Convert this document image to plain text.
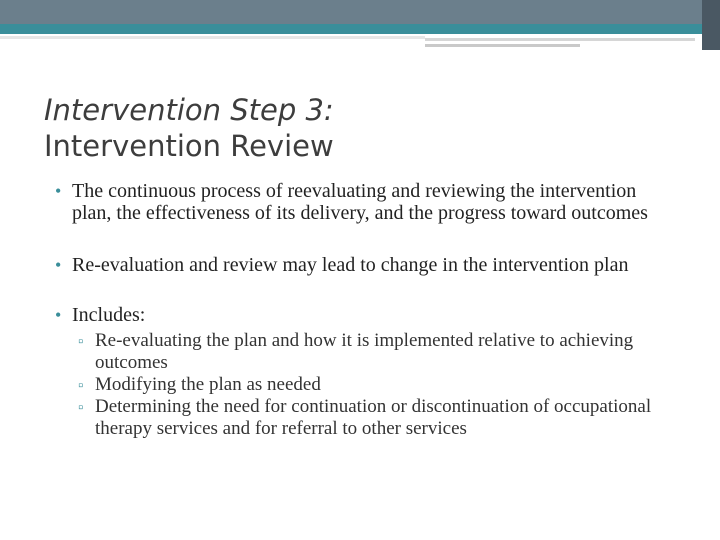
Intervention Step 3:
Intervention Review
• The continuous process of reevaluating and reviewing the intervention plan, the effectiveness of its delivery, and the progress toward outcomes
• Re-evaluation and review may lead to change in the intervention plan
• Includes:
▫ Re-evaluating the plan and how it is implemented relative to achieving outcomes
▫ Modifying the plan as needed
▫ Determining the need for continuation or discontinuation of occupational therapy services and for referral to other services
